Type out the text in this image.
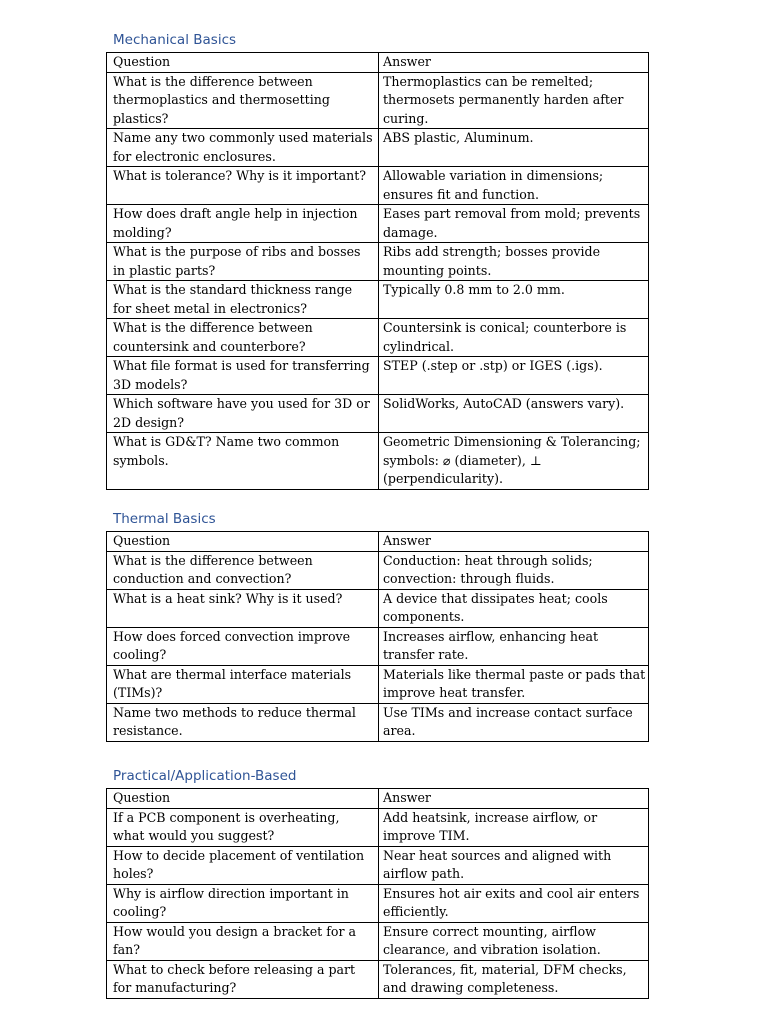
Mechanical Basics
Question	Answer
What is the difference between thermoplastics and thermosetting plastics?	Thermoplastics can be remelted; thermosets permanently harden after curing.
Name any two commonly used materials for electronic enclosures.	ABS plastic, Aluminum.
What is tolerance? Why is it important?	Allowable variation in dimensions; ensures fit and function.
How does draft angle help in injection molding?	Eases part removal from mold; prevents damage.
What is the purpose of ribs and bosses in plastic parts?	Ribs add strength; bosses provide mounting points.
What is the standard thickness range for sheet metal in electronics?	Typically 0.8 mm to 2.0 mm.
What is the difference between countersink and counterbore?	Countersink is conical; counterbore is cylindrical.
What file format is used for transferring 3D models?	STEP (.step or .stp) or IGES (.igs).
Which software have you used for 3D or 2D design?	SolidWorks, AutoCAD (answers vary).
What is GD&T? Name two common symbols.	Geometric Dimensioning & Tolerancing; symbols: ⌀ (diameter), ⊥ (perpendicularity).
Thermal Basics
Question	Answer
What is the difference between conduction and convection?	Conduction: heat through solids; convection: through fluids.
What is a heat sink? Why is it used?	A device that dissipates heat; cools components.
How does forced convection improve cooling?	Increases airflow, enhancing heat transfer rate.
What are thermal interface materials (TIMs)?	Materials like thermal paste or pads that improve heat transfer.
Name two methods to reduce thermal resistance.	Use TIMs and increase contact surface area.
Practical/Application-Based
Question	Answer
If a PCB component is overheating, what would you suggest?	Add heatsink, increase airflow, or improve TIM.
How to decide placement of ventilation holes?	Near heat sources and aligned with airflow path.
Why is airflow direction important in cooling?	Ensures hot air exits and cool air enters efficiently.
How would you design a bracket for a fan?	Ensure correct mounting, airflow clearance, and vibration isolation.
What to check before releasing a part for manufacturing?	Tolerances, fit, material, DFM checks, and drawing completeness.
